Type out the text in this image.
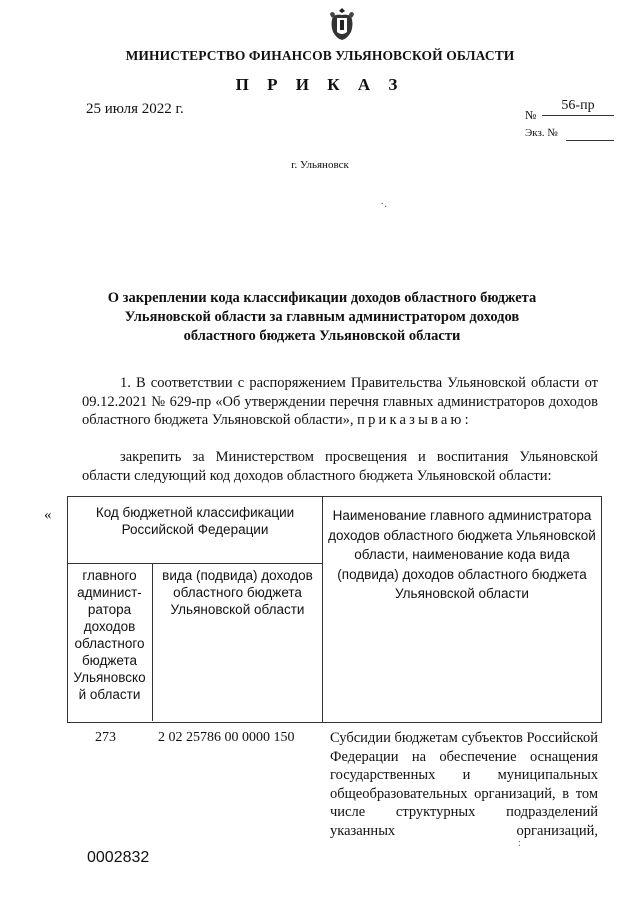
МИНИСТЕРСТВО ФИНАНСОВ УЛЬЯНОВСКОЙ ОБЛАСТИ
П Р И К А З
25 июля 2022 г.	№
56-пр
Экз. №
г. Ульяновск
.
·
О закреплении кода классификации доходов областного бюджета
Ульяновской области за главным администратором доходов
областного бюджета Ульяновской области
1. В соответствии с распоряжением Правительства Ульяновской области от 09.12.2021 № 629-пр «Об утверждении перечня главных администраторов доходов областного бюджета Ульяновской области», приказываю:
закрепить за Министерством просвещения и воспитания Ульяновской области следующий код доходов областного бюджета Ульяновской области:
«	Код бюджетной классификации Российской Федерации
Наименование главного администратора доходов областного бюджета Ульяновской области, наименование кода вида (подвида) доходов областного бюджета Ульяновской области
главного
админист-
ратора
доходов
областного
бюджета
Ульяновско
й области
вида (подвида) доходов областного бюджета Ульяновской области
273	2 02 25786 00 0000 150 Субсидии бюджетам субъектов Российской Федерации на обеспечение оснащения государственных и муниципальных общеобразовательных организаций, в том числе структурных подразделений указанных организаций,
:
0002832
